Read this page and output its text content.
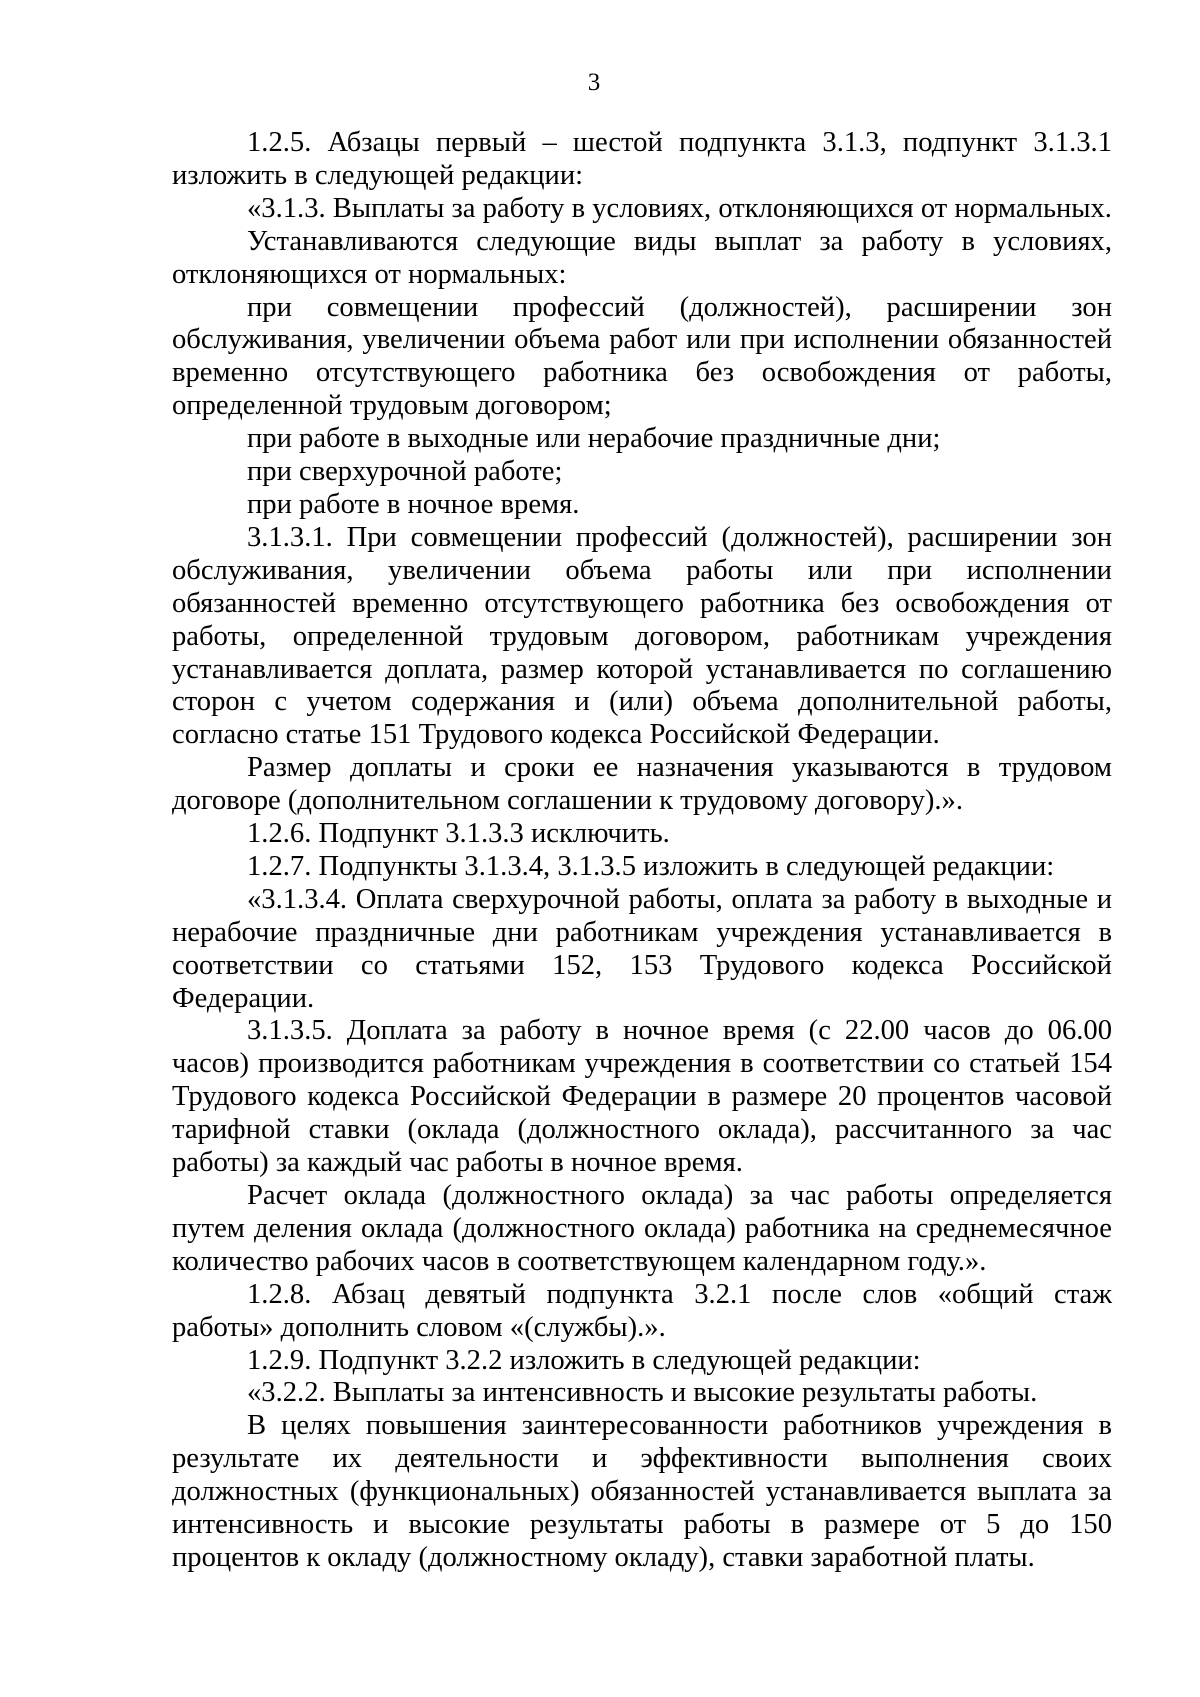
3

1.2.5. Абзацы первый – шестой подпункта 3.1.3, подпункт 3.1.3.1 изложить в следующей редакции:

«3.1.3. Выплаты за работу в условиях, отклоняющихся от нормальных.

Устанавливаются следующие виды выплат за работу в условиях, отклоняющихся от нормальных:

при совмещении профессий (должностей), расширении зон обслуживания, увеличении объема работ или при исполнении обязанностей временно отсутствующего работника без освобождения от работы, определенной трудовым договором;

при работе в выходные или нерабочие праздничные дни;

при сверхурочной работе;

при работе в ночное время.

3.1.3.1. При совмещении профессий (должностей), расширении зон обслуживания, увеличении объема работы или при исполнении обязанностей временно отсутствующего работника без освобождения от работы, определенной трудовым договором, работникам учреждения устанавливается доплата, размер которой устанавливается по соглашению сторон с учетом содержания и (или) объема дополнительной работы, согласно статье 151 Трудового кодекса Российской Федерации.

Размер доплаты и сроки ее назначения указываются в трудовом договоре (дополнительном соглашении к трудовому договору).».

1.2.6. Подпункт 3.1.3.3 исключить.

1.2.7. Подпункты 3.1.3.4, 3.1.3.5 изложить в следующей редакции:

«3.1.3.4. Оплата сверхурочной работы, оплата за работу в выходные и нерабочие праздничные дни работникам учреждения устанавливается в соответствии со статьями 152, 153 Трудового кодекса Российской Федерации.

3.1.3.5. Доплата за работу в ночное время (с 22.00 часов до 06.00 часов) производится работникам учреждения в соответствии со статьей 154 Трудового кодекса Российской Федерации в размере 20 процентов часовой тарифной ставки (оклада (должностного оклада), рассчитанного за час работы) за каждый час работы в ночное время.

Расчет оклада (должностного оклада) за час работы определяется путем деления оклада (должностного оклада) работника на среднемесячное количество рабочих часов в соответствующем календарном году.».

1.2.8. Абзац девятый подпункта 3.2.1 после слов «общий стаж работы» дополнить словом «(службы).».

1.2.9. Подпункт 3.2.2 изложить в следующей редакции:

«3.2.2. Выплаты за интенсивность и высокие результаты работы.

В целях повышения заинтересованности работников учреждения в результате их деятельности и эффективности выполнения своих должностных (функциональных) обязанностей устанавливается выплата за интенсивность и высокие результаты работы в размере от 5 до 150 процентов к окладу (должностному окладу), ставки заработной платы.
